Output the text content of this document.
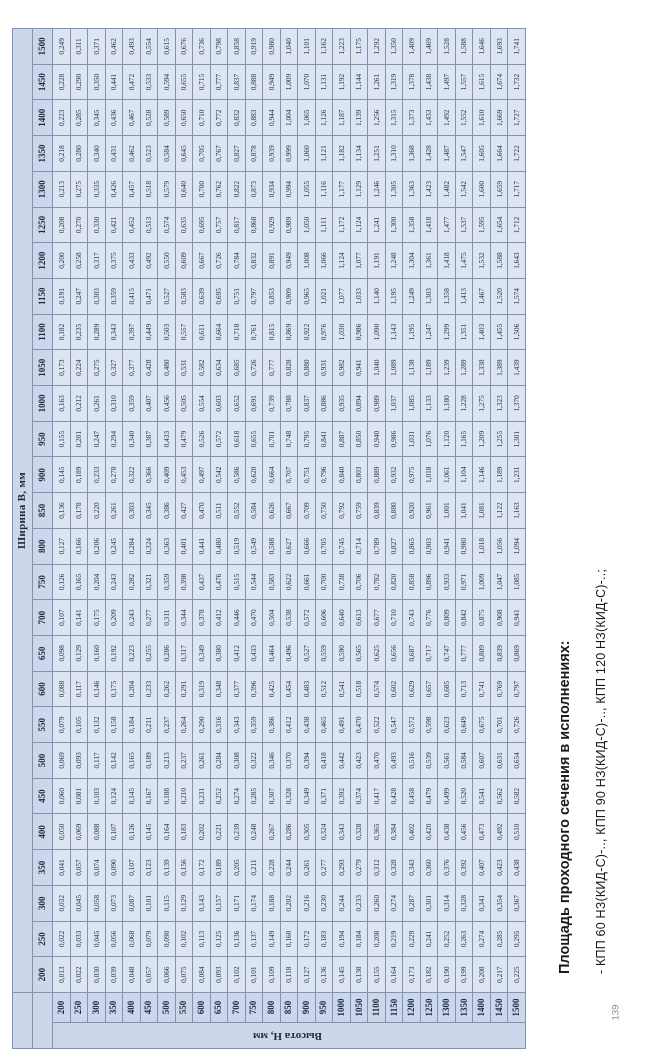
		Ширина В, мм																										
		200	250	300	350	400	450	500	550	600	650	700	750	800	850	900	950	1000	1050	1100	1150	1200	1250	1300	1350	1400	1450	1500
Высота Н, мм	200	0,013	0,022	0,032	0,041	0,050	0,060	0,069	0,079	0,088	0,098	0,107	0,126	0,127	0,136	0,145	0,155	0,163	0,173	0,182	0,191	0,200	0,208	0,213	0,218	0,223	0,228	0,249
	250	0,022	0,033	0,045	0,057	0,069	0,081	0,093	0,105	0,117	0,129	0,141	0,165	0,166	0,178	0,189	0,201	0,212	0,224	0,235	0,247	0,258	0,270	0,275	0,280	0,285	0,290	0,311
	300	0,030	0,045	0,058	0,074	0,088	0,103	0,117	0,132	0,146	0,160	0,175	0,204	0,206	0,220	0,233	0,247	0,261	0,275	0,289	0,303	0,317	0,330	0,335	0,340	0,345	0,350	0,371
	350	0,039	0,056	0,073	0,090	0,107	0,124	0,142	0,158	0,175	0,192	0,209	0,243	0,245	0,261	0,278	0,294	0,310	0,327	0,343	0,359	0,375	0,421	0,426	0,431	0,436	0,441	0,462
	400	0,048	0,068	0,087	0,107	0,126	0,145	0,165	0,184	0,204	0,223	0,243	0,282	0,284	0,303	0,322	0,340	0,359	0,377	0,397	0,415	0,433	0,452	0,457	0,462	0,467	0,472	0,493
	450	0,057	0,079	0,101	0,123	0,145	0,167	0,189	0,211	0,233	0,255	0,277	0,321	0,324	0,345	0,366	0,387	0,407	0,428	0,449	0,471	0,492	0,513	0,518	0,523	0,528	0,533	0,554
	500	0,066	0,090	0,115	0,139	0,164	0,188	0,213	0,237	0,262	0,286	0,311	0,359	0,363	0,386	0,409	0,433	0,456	0,480	0,503	0,527	0,550	0,574	0,579	0,584	0,589	0,594	0,615
	550	0,075	0,102	0,129	0,156	0,183	0,210	0,237	0,264	0,291	0,317	0,344	0,398	0,401	0,427	0,453	0,479	0,505	0,531	0,557	0,583	0,609	0,635	0,640	0,645	0,650	0,655	0,676
	600	0,084	0,113	0,143	0,172	0,202	0,231	0,261	0,290	0,319	0,349	0,378	0,437	0,441	0,470	0,497	0,526	0,554	0,582	0,611	0,639	0,667	0,695	0,700	0,705	0,710	0,715	0,736
	650	0,093	0,125	0,157	0,189	0,221	0,252	0,284	0,316	0,348	0,380	0,412	0,476	0,480	0,511	0,542	0,572	0,603	0,634	0,664	0,695	0,726	0,757	0,762	0,767	0,772	0,777	0,798
	700	0,102	0,136	0,171	0,205	0,239	0,274	0,308	0,343	0,377	0,412	0,446	0,515	0,519	0,552	0,586	0,618	0,652	0,685	0,718	0,751	0,784	0,817	0,822	0,827	0,832	0,837	0,858
	750	0,101	0,137	0,174	0,211	0,248	0,285	0,322	0,359	0,396	0,433	0,470	0,544	0,549	0,584	0,620	0,655	0,691	0,726	0,761	0,797	0,832	0,868	0,873	0,878	0,883	0,888	0,919
	800	0,109	0,149	0,188	0,228	0,267	0,307	0,346	0,386	0,425	0,464	0,504	0,583	0,588	0,626	0,664	0,701	0,739	0,777	0,815	0,853	0,891	0,929	0,934	0,939	0,944	0,949	0,980
	850	0,118	0,160	0,202	0,244	0,286	0,328	0,370	0,412	0,454	0,496	0,538	0,622	0,627	0,667	0,707	0,748	0,788	0,828	0,869	0,909	0,949	0,989	0,994	0,999	1,004	1,009	1,040
	900	0,127	0,172	0,216	0,261	0,305	0,349	0,394	0,438	0,483	0,527	0,572	0,661	0,666	0,709	0,751	0,795	0,837	0,880	0,922	0,965	1,008	1,050	1,055	1,060	1,065	1,070	1,101
	950	0,136	0,183	0,230	0,277	0,324	0,371	0,418	0,465	0,512	0,559	0,606	0,700	0,705	0,750	0,796	0,841	0,886	0,931	0,976	1,021	1,066	1,111	1,116	1,121	1,126	1,131	1,162
	1000	0,145	0,194	0,244	0,293	0,343	0,392	0,442	0,491	0,541	0,590	0,640	0,738	0,745	0,792	0,840	0,887	0,935	0,982	1,030	1,077	1,124	1,172	1,177	1,182	1,187	1,192	1,223
	1050	0,138	0,184	0,233	0,279	0,328	0,374	0,423	0,470	0,518	0,565	0,613	0,706	0,714	0,759	0,803	0,850	0,894	0,941	0,986	1,033	1,077	1,124	1,129	1,134	1,139	1,144	1,175
	1100	0,155	0,208	0,260	0,312	0,365	0,417	0,470	0,522	0,574	0,625	0,677	0,782	0,789	0,839	0,889	0,940	0,989	1,040	1,090	1,140	1,191	1,241	1,246	1,251	1,256	1,261	1,292
	1150	0,164	0,219	0,274	0,328	0,384	0,428	0,493	0,547	0,602	0,656	0,710	0,820	0,827	0,880	0,932	0,986	1,037	1,089	1,143	1,195	1,248	1,300	1,305	1,310	1,315	1,319	1,350
	1200	0,173	0,229	0,287	0,343	0,402	0,458	0,516	0,572	0,629	0,687	0,743	0,858	0,865	0,920	0,975	1,031	1,085	1,138	1,195	1,249	1,304	1,358	1,363	1,368	1,373	1,378	1,409
	1250	0,182	0,241	0,301	0,360	0,420	0,479	0,539	0,598	0,657	0,717	0,776	0,896	0,903	0,961	1,018	1,076	1,133	1,189	1,247	1,303	1,361	1,418	1,423	1,428	1,433	1,438	1,469
	1300	0,190	0,252	0,314	0,376	0,438	0,499	0,561	0,623	0,685	0,747	0,809	0,933	0,941	1,001	1,061	1,120	1,180	1,239	1,299	1,358	1,418	1,477	1,482	1,487	1,492	1,497	1,528
	1350	0,199	0,263	0,328	0,392	0,456	0,520	0,584	0,649	0,713	0,777	0,842	0,971	0,980	1,041	1,104	1,165	1,228	1,289	1,351	1,413	1,475	1,537	1,542	1,547	1,552	1,557	1,588
	1400	0,208	0,274	0,341	0,407	0,473	0,541	0,607	0,675	0,741	0,809	0,875	1,009	1,018	1,081	1,146	1,209	1,275	1,338	1,403	1,467	1,532	1,595	1,600	1,605	1,610	1,615	1,646
	1450	0,217	0,285	0,354	0,423	0,492	0,562	0,631	0,701	0,769	0,839	0,908	1,047	1,056	1,122	1,189	1,255	1,323	1,389	1,455	1,520	1,588	1,654	1,659	1,664	1,669	1,674	1,693
	1500	0,225	0,295	0,367	0,438	0,510	0,582	0,654	0,726	0,797	0,869	0,941	1,085	1,094	1,163	1,231	1,301	1,370	1,439	1,506	1,574	1,643	1,712	1,717	1,722	1,727	1,732	1,741
Площадь проходного сечения в исполнениях:	- КПП 60 НЗ(КИД-С)-.., КПП 90 НЗ(КИД-С)-.., КПП 120 НЗ(КИД-С)-..;
139
